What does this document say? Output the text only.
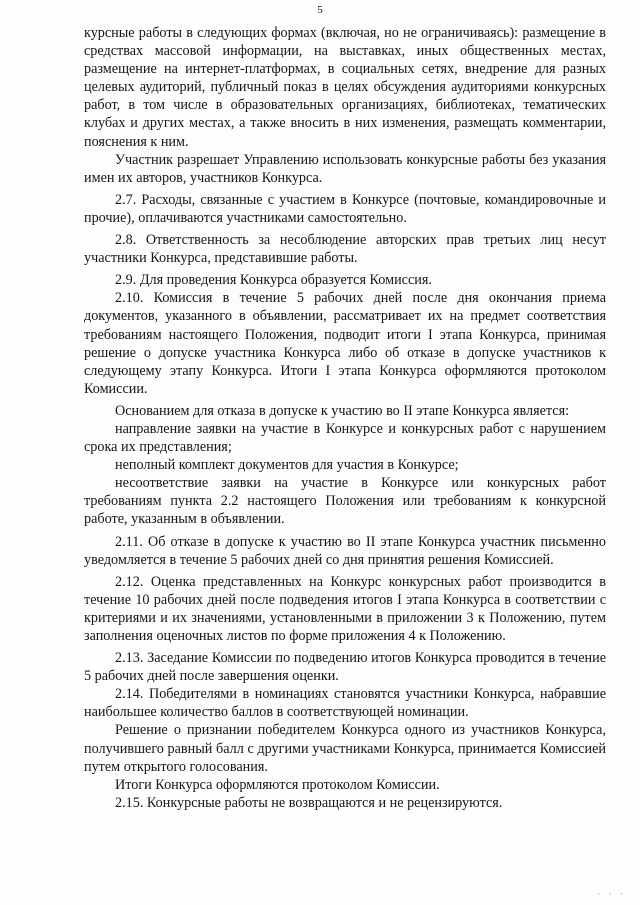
5

курсные работы в следующих формах (включая, но не ограничиваясь): размещение в средствах массовой информации, на выставках, иных общественных местах, размещение на интернет-платформах, в социальных сетях, внедрение для разных целевых аудиторий, публичный показ в целях обсуждения аудиториями конкурсных работ, в том числе в образовательных организациях, библиотеках, тематических клубах и других местах, а также вносить в них изменения, размещать комментарии, пояснения к ним.

Участник разрешает Управлению использовать конкурсные работы без указания имен их авторов, участников Конкурса.

2.7. Расходы, связанные с участием в Конкурсе (почтовые, командировочные и прочие), оплачиваются участниками самостоятельно.

2.8. Ответственность за несоблюдение авторских прав третьих лиц несут участники Конкурса, представившие работы.

2.9. Для проведения Конкурса образуется Комиссия.

2.10. Комиссия в течение 5 рабочих дней после дня окончания приема документов, указанного в объявлении, рассматривает их на предмет соответствия требованиям настоящего Положения, подводит итоги I этапа Конкурса, принимая решение о допуске участника Конкурса либо об отказе в допуске участников к следующему этапу Конкурса. Итоги I этапа Конкурса оформляются протоколом Комиссии.

Основанием для отказа в допуске к участию во II этапе Конкурса является:

направление заявки на участие в Конкурсе и конкурсных работ с нарушением срока их представления;

неполный комплект документов для участия в Конкурсе;

несоответствие заявки на участие в Конкурсе или конкурсных работ требованиям пункта 2.2 настоящего Положения или требованиям к конкурсной работе, указанным в объявлении.

2.11. Об отказе в допуске к участию во II этапе Конкурса участник письменно уведомляется в течение 5 рабочих дней со дня принятия решения Комиссией.

2.12. Оценка представленных на Конкурс конкурсных работ производится в течение 10 рабочих дней после подведения итогов I этапа Конкурса в соответствии с критериями и их значениями, установленными в приложении 3 к Положению, путем заполнения оценочных листов по форме приложения 4 к Положению.

2.13. Заседание Комиссии по подведению итогов Конкурса проводится в течение 5 рабочих дней после завершения оценки.

2.14. Победителями в номинациях становятся участники Конкурса, набравшие наибольшее количество баллов в соответствующей номинации.

Решение о признании победителем Конкурса одного из участников Конкурса, получившего равный балл с другими участниками Конкурса, принимается Комиссией путем открытого голосования.

Итоги Конкурса оформляются протоколом Комиссии.

2.15. Конкурсные работы не возвращаются и не рецензируются.

· · ·
